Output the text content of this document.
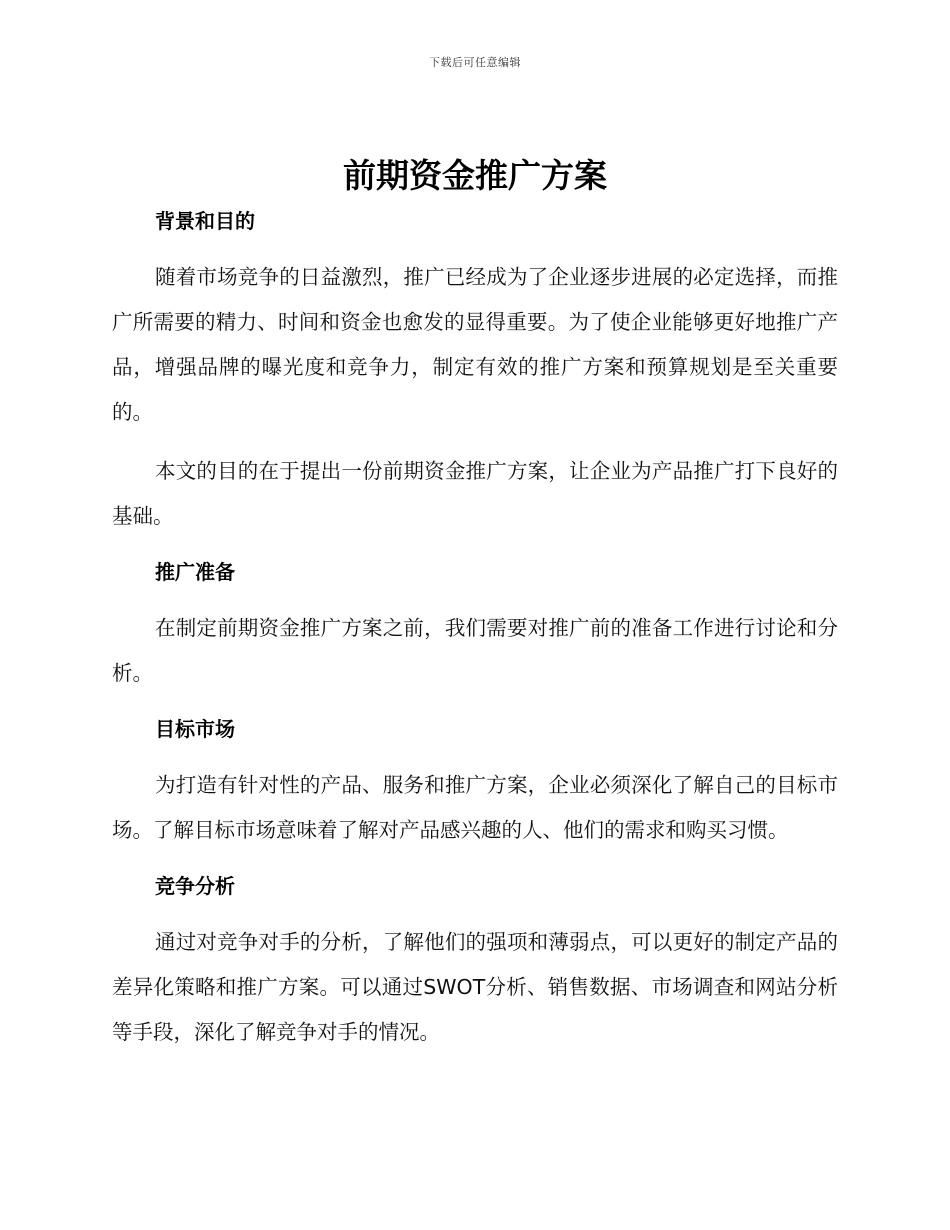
下载后可任意编辑
前期资金推广方案
背景和目的

随着市场竞争的日益激烈，推广已经成为了企业逐步进展的必定选择，而推广所需要的精力、时间和资金也愈发的显得重要。为了使企业能够更好地推广产品，增强品牌的曝光度和竞争力，制定有效的推广方案和预算规划是至关重要的。

本文的目的在于提出一份前期资金推广方案，让企业为产品推广打下良好的基础。

推广准备

在制定前期资金推广方案之前，我们需要对推广前的准备工作进行讨论和分析。

目标市场

为打造有针对性的产品、服务和推广方案，企业必须深化了解自己的目标市场。了解目标市场意味着了解对产品感兴趣的人、他们的需求和购买习惯。

竞争分析

通过对竞争对手的分析，了解他们的强项和薄弱点，可以更好的制定产品的差异化策略和推广方案。可以通过SWOT分析、销售数据、市场调查和网站分析等手段，深化了解竞争对手的情况。
